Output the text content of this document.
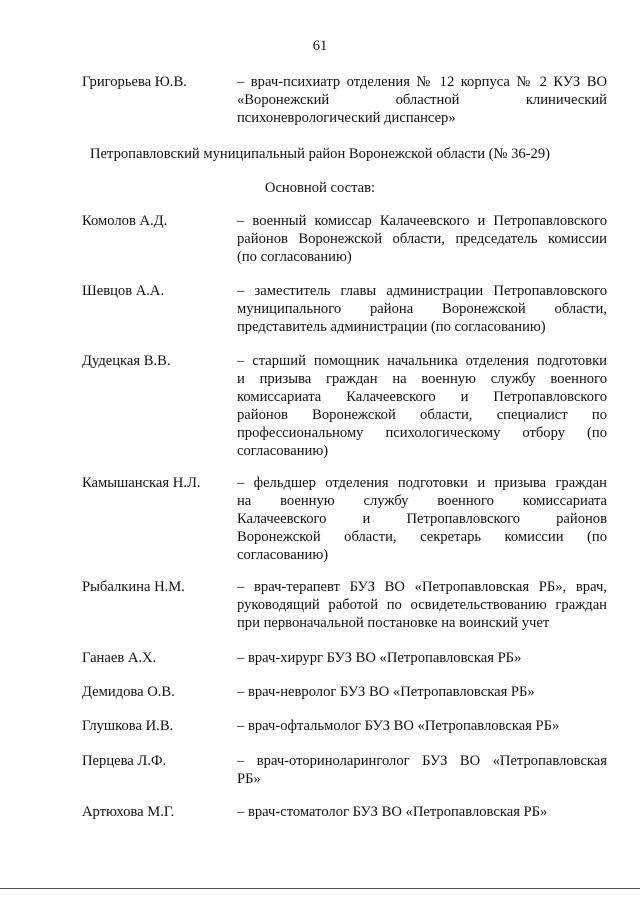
61
Григорьева Ю.В.	– врач-психиатр отделения № 12 корпуса № 2 КУЗ ВО
«Воронежский областной клинический
психоневрологический диспансер»
Петропавловский муниципальный район Воронежской области (№ 36-29)
Основной состав:
Комолов А.Д.	– военный комиссар Калачеевского и Петропавловского
районов Воронежской области, председатель комиссии
(по согласованию)
Шевцов А.А.	– заместитель главы администрации Петропавловского
муниципального района Воронежской области,
представитель администрации (по согласованию)
Дудецкая В.В.	– старший помощник начальника отделения подготовки
и призыва граждан на военную службу военного
комиссариата Калачеевского и Петропавловского
районов Воронежской области, специалист по
профессиональному психологическому отбору (по
согласованию)
Камышанская Н.Л.	– фельдшер отделения подготовки и призыва граждан
на военную службу военного комиссариата
Калачеевского и Петропавловского районов
Воронежской области, секретарь комиссии (по
согласованию)
Рыбалкина Н.М.	– врач-терапевт БУЗ ВО «Петропавловская РБ», врач,
руководящий работой по освидетельствованию граждан
при первоначальной постановке на воинский учет
Ганаев А.Х.	– врач-хирург БУЗ ВО «Петропавловская РБ»
Демидова О.В.	– врач-невролог БУЗ ВО «Петропавловская РБ»
Глушкова И.В.	– врач-офтальмолог БУЗ ВО «Петропавловская РБ»
Перцева Л.Ф.	– врач-оториноларинголог БУЗ ВО «Петропавловская
РБ»
Артюхова М.Г.	– врач-стоматолог БУЗ ВО «Петропавловская РБ»
